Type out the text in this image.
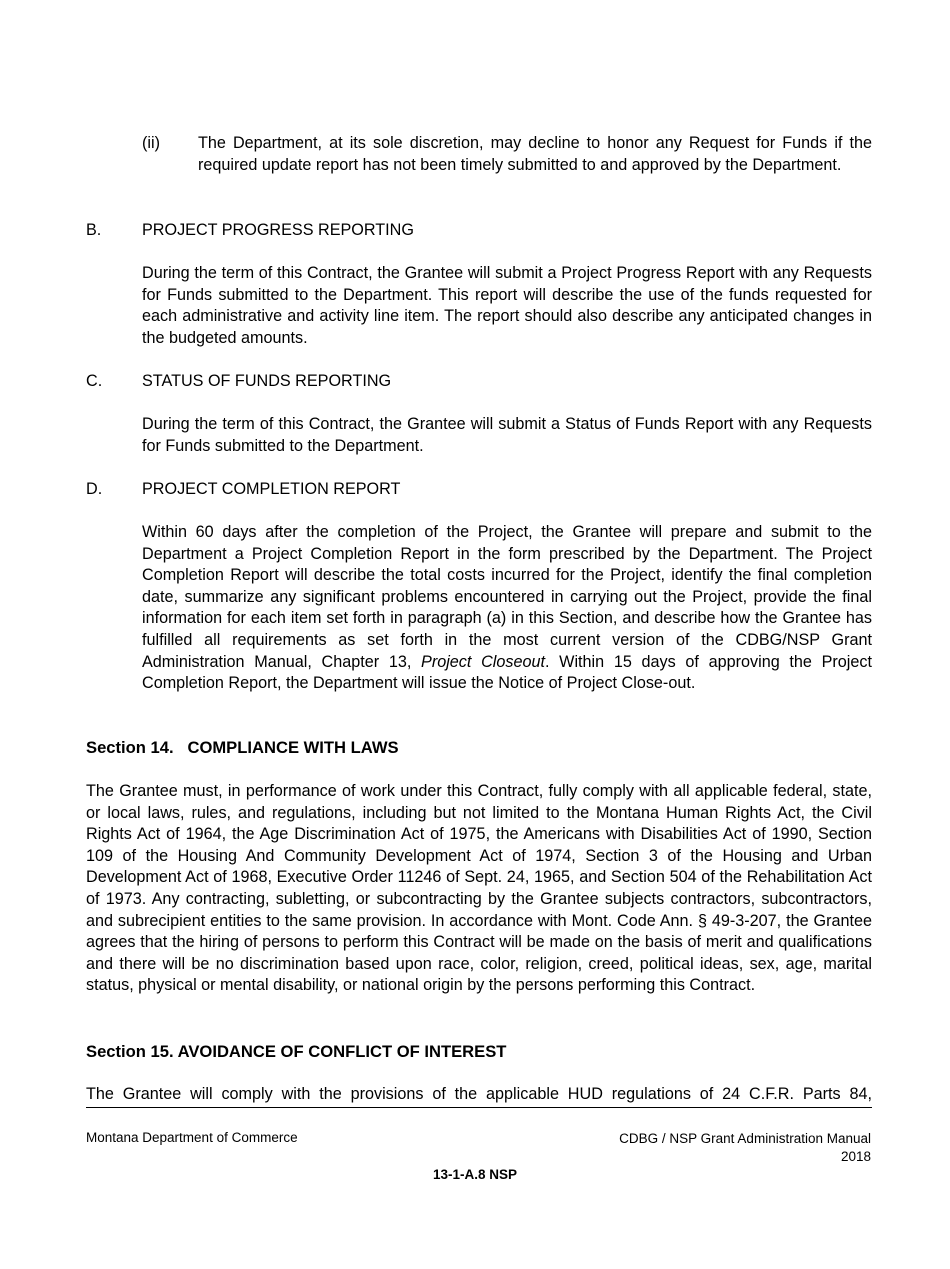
(ii) The Department, at its sole discretion, may decline to honor any Request for Funds if the required update report has not been timely submitted to and approved by the Department.

B.	PROJECT PROGRESS REPORTING

During the term of this Contract, the Grantee will submit a Project Progress Report with any Requests for Funds submitted to the Department. This report will describe the use of the funds requested for each administrative and activity line item. The report should also describe any anticipated changes in the budgeted amounts.

C. STATUS OF FUNDS REPORTING

During the term of this Contract, the Grantee will submit a Status of Funds Report with any Requests for Funds submitted to the Department.

D. PROJECT COMPLETION REPORT

Within 60 days after the completion of the Project, the Grantee will prepare and submit to the Department a Project Completion Report in the form prescribed by the Department. The Project Completion Report will describe the total costs incurred for the Project, identify the final completion date, summarize any significant problems encountered in carrying out the Project, provide the final information for each item set forth in paragraph (a) in this Section, and describe how the Grantee has fulfilled all requirements as set forth in the most current version of the CDBG/NSP Grant Administration Manual, Chapter 13, Project Closeout. Within 15 days of approving the Project Completion Report, the Department will issue the Notice of Project Close-out.

Section 14. COMPLIANCE WITH LAWS

The Grantee must, in performance of work under this Contract, fully comply with all applicable federal, state, or local laws, rules, and regulations, including but not limited to the Montana Human Rights Act, the Civil Rights Act of 1964, the Age Discrimination Act of 1975, the Americans with Disabilities Act of 1990, Section 109 of the Housing And Community Development Act of 1974, Section 3 of the Housing and Urban Development Act of 1968, Executive Order 11246 of Sept. 24, 1965, and Section 504 of the Rehabilitation Act of 1973. Any contracting, subletting, or subcontracting by the Grantee subjects contractors, subcontractors, and subrecipient entities to the same provision. In accordance with Mont. Code Ann. § 49-3-207, the Grantee agrees that the hiring of persons to perform this Contract will be made on the basis of merit and qualifications and there will be no discrimination based upon race, color, religion, creed, political ideas, sex, age, marital status, physical or mental disability, or national origin by the persons performing this Contract.

Section 15. AVOIDANCE OF CONFLICT OF INTEREST
The Grantee will comply with the provisions of the applicable HUD regulations of 24 C.F.R. Parts 84,
Montana Department of Commerce	CDBG / NSP Grant Administration Manual
2018
13-1-A.8 NSP
